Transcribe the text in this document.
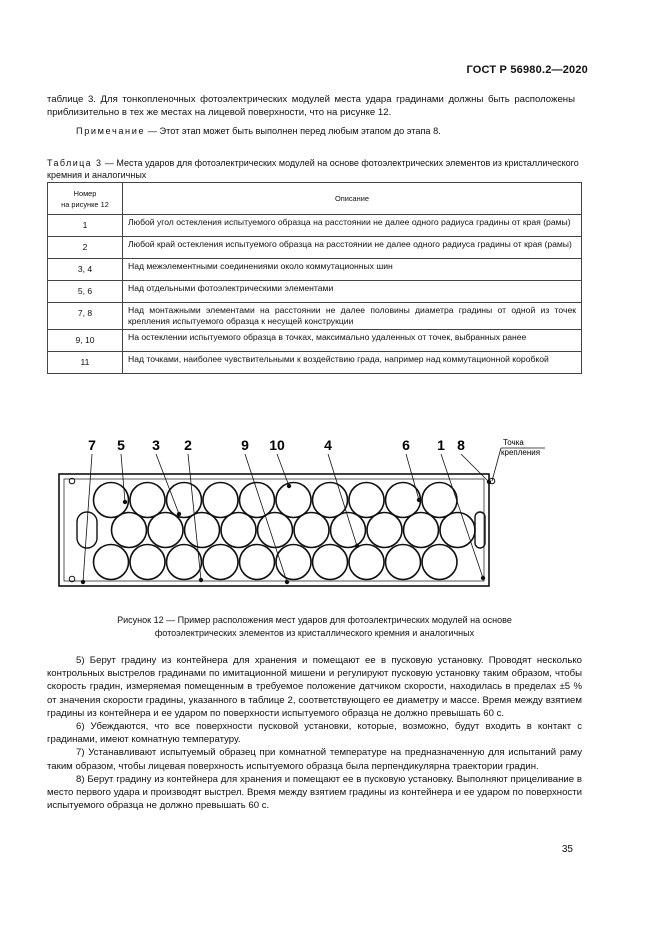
ГОСТ Р 56980.2—2020
таблице 3. Для тонкопленочных фотоэлектрических модулей места удара градинами должны быть расположены приблизительно в тех же местах на лицевой поверхности, что на рисунке 12.
Примечание — Этот этап может быть выполнен перед любым этапом до этапа 8.
Таблица 3 — Места ударов для фотоэлектрических модулей на основе фотоэлектрических элементов из кристаллического кремния и аналогичных
Номер
на рисунке 12	Описание
1	Любой угол остекления испытуемого образца на расстоянии не далее одного радиуса градины от края (рамы)
2	Любой край остекления испытуемого образца на расстоянии не далее одного радиуса градины от края (рамы)
3, 4	Над межэлементными соединениями около коммутационных шин
5, 6	Над отдельными фотоэлектрическими элементами
7, 8	Над монтажными элементами на расстоянии не далее половины диаметра градины от одной из точек крепления испытуемого образца к несущей конструкции
9, 10	На остеклении испытуемого образца в точках, максимально удаленных от точек, выбранных ранее
11	Над точками, наиболее чувствительными к воздействию града, например над коммутационной коробкой
7 5 3 2	9 10	4	6 1 8	Точка
крепления
Рисунок 12 — Пример расположения мест ударов для фотоэлектрических модулей на основе
фотоэлектрических элементов из кристаллического кремния и аналогичных
5) Берут градину из контейнера для хранения и помещают ее в пусковую установку. Проводят несколько контрольных выстрелов градинами по имитационной мишени и регулируют пусковую установку таким образом, чтобы скорость градин, измеряемая помещенным в требуемое положение датчиком скорости, находилась в пределах ±5 % от значения скорости градины, указанного в таблице 2, соответствующего ее диаметру и массе. Время между взятием градины из контейнера и ее ударом по поверхности испытуемого образца не должно превышать 60 с.
6) Убеждаются, что все поверхности пусковой установки, которые, возможно, будут входить в контакт с градинами, имеют комнатную температуру.
7) Устанавливают испытуемый образец при комнатной температуре на предназначенную для испытаний раму таким образом, чтобы лицевая поверхность испытуемого образца была перпендикулярна траектории градин.
8) Берут градину из контейнера для хранения и помещают ее в пусковую установку. Выполняют прицеливание в место первого удара и производят выстрел. Время между взятием градины из контейнера и ее ударом по поверхности испытуемого образца не должно превышать 60 с.
35
